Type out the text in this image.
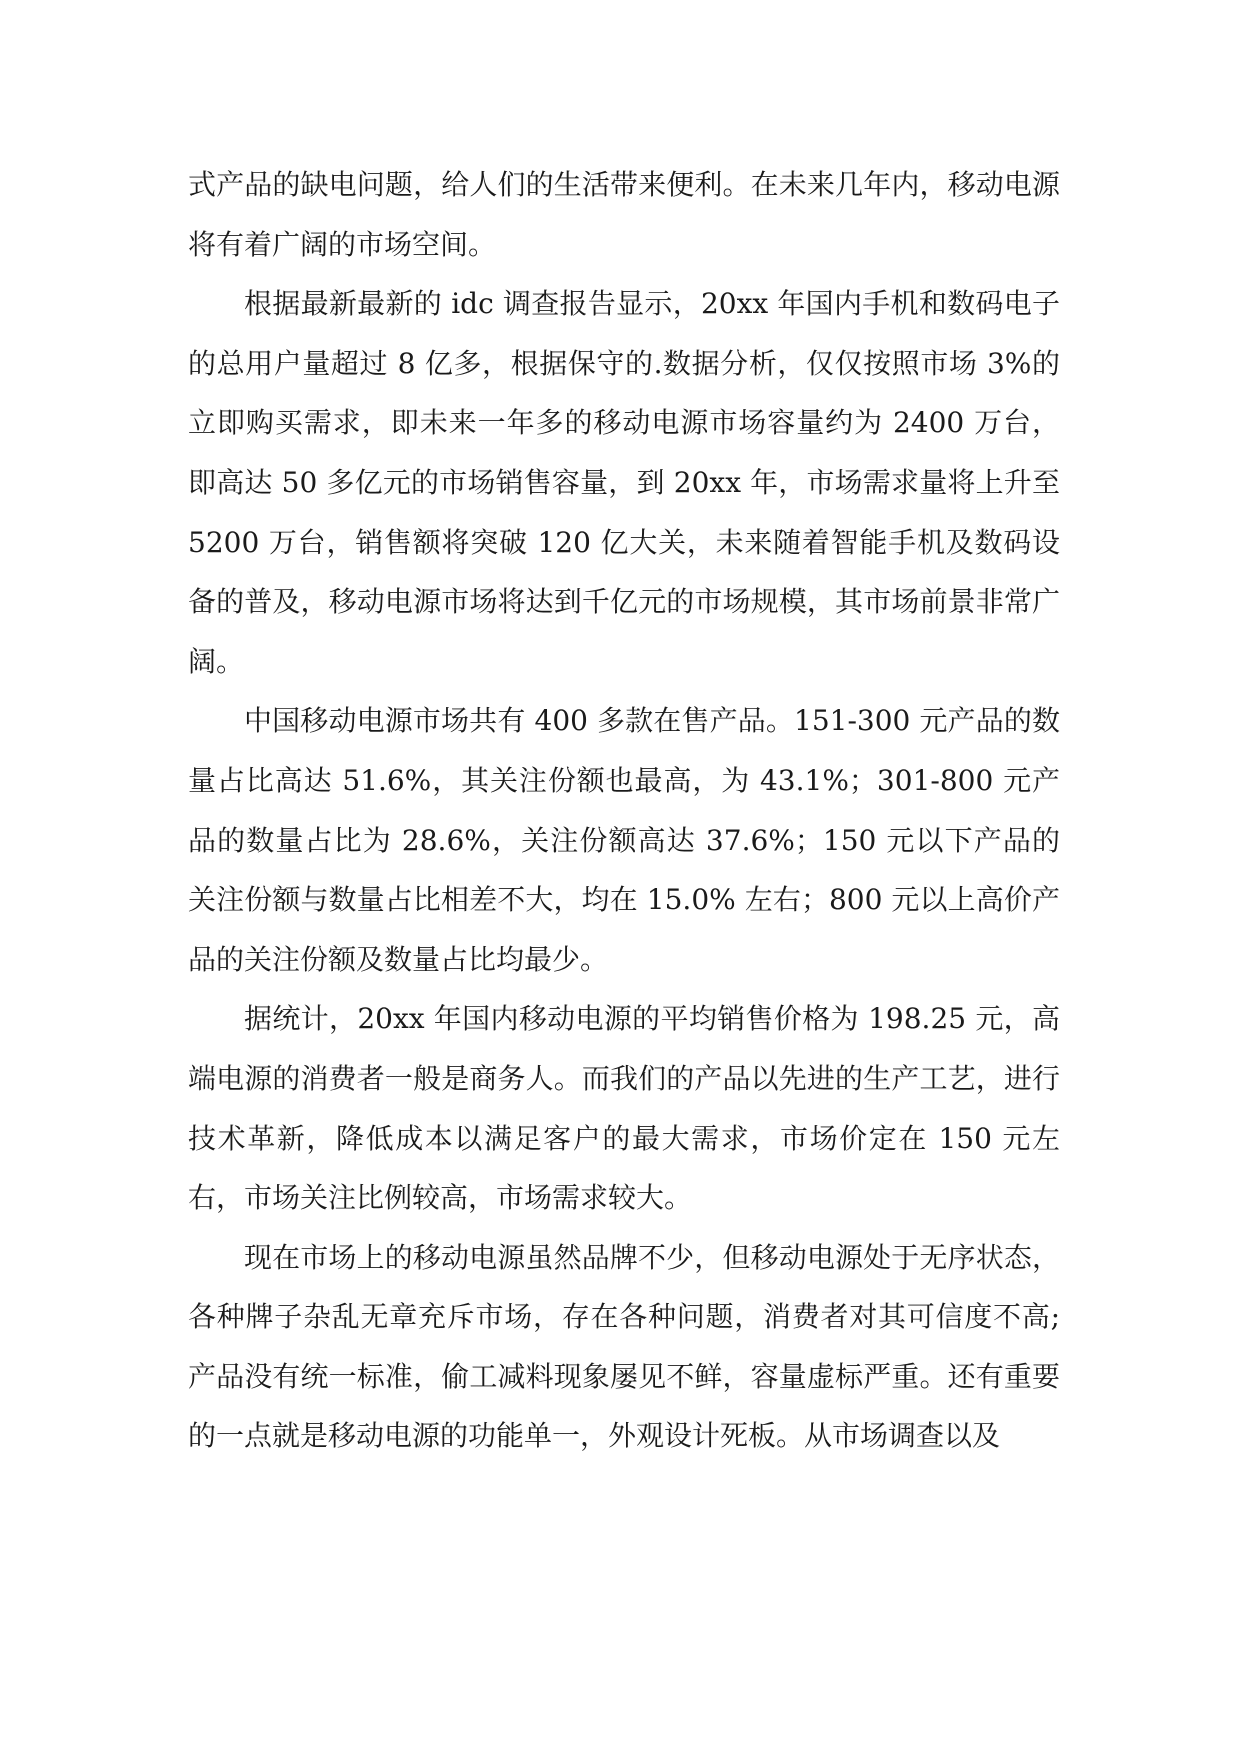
式产品的缺电问题，给人们的生活带来便利。在未来几年内，移动电源将有着广阔的市场空间。

根据最新最新的 idc 调查报告显示，20xx 年国内手机和数码电子的总用户量超过 8 亿多，根据保守的.数据分析，仅仅按照市场 3%的立即购买需求，即未来一年多的移动电源市场容量约为 2400 万台，即高达 50 多亿元的市场销售容量，到 20xx 年，市场需求量将上升至 5200 万台，销售额将突破 120 亿大关，未来随着智能手机及数码设备的普及，移动电源市场将达到千亿元的市场规模，其市场前景非常广阔。

中国移动电源市场共有 400 多款在售产品。151-300 元产品的数量占比高达 51.6%，其关注份额也最高，为 43.1%；301-800 元产品的数量占比为 28.6%，关注份额高达 37.6%；150 元以下产品的关注份额与数量占比相差不大，均在 15.0% 左右；800 元以上高价产品的关注份额及数量占比均最少。

据统计，20xx 年国内移动电源的平均销售价格为 198.25 元，高端电源的消费者一般是商务人。而我们的产品以先进的生产工艺，进行技术革新，降低成本以满足客户的最大需求，市场价定在 150 元左右，市场关注比例较高，市场需求较大。

现在市场上的移动电源虽然品牌不少，但移动电源处于无序状态，各种牌子杂乱无章充斥市场，存在各种问题，消费者对其可信度不高;产品没有统一标准，偷工减料现象屡见不鲜，容量虚标严重。还有重要的一点就是移动电源的功能单一，外观设计死板。从市场调查以及
